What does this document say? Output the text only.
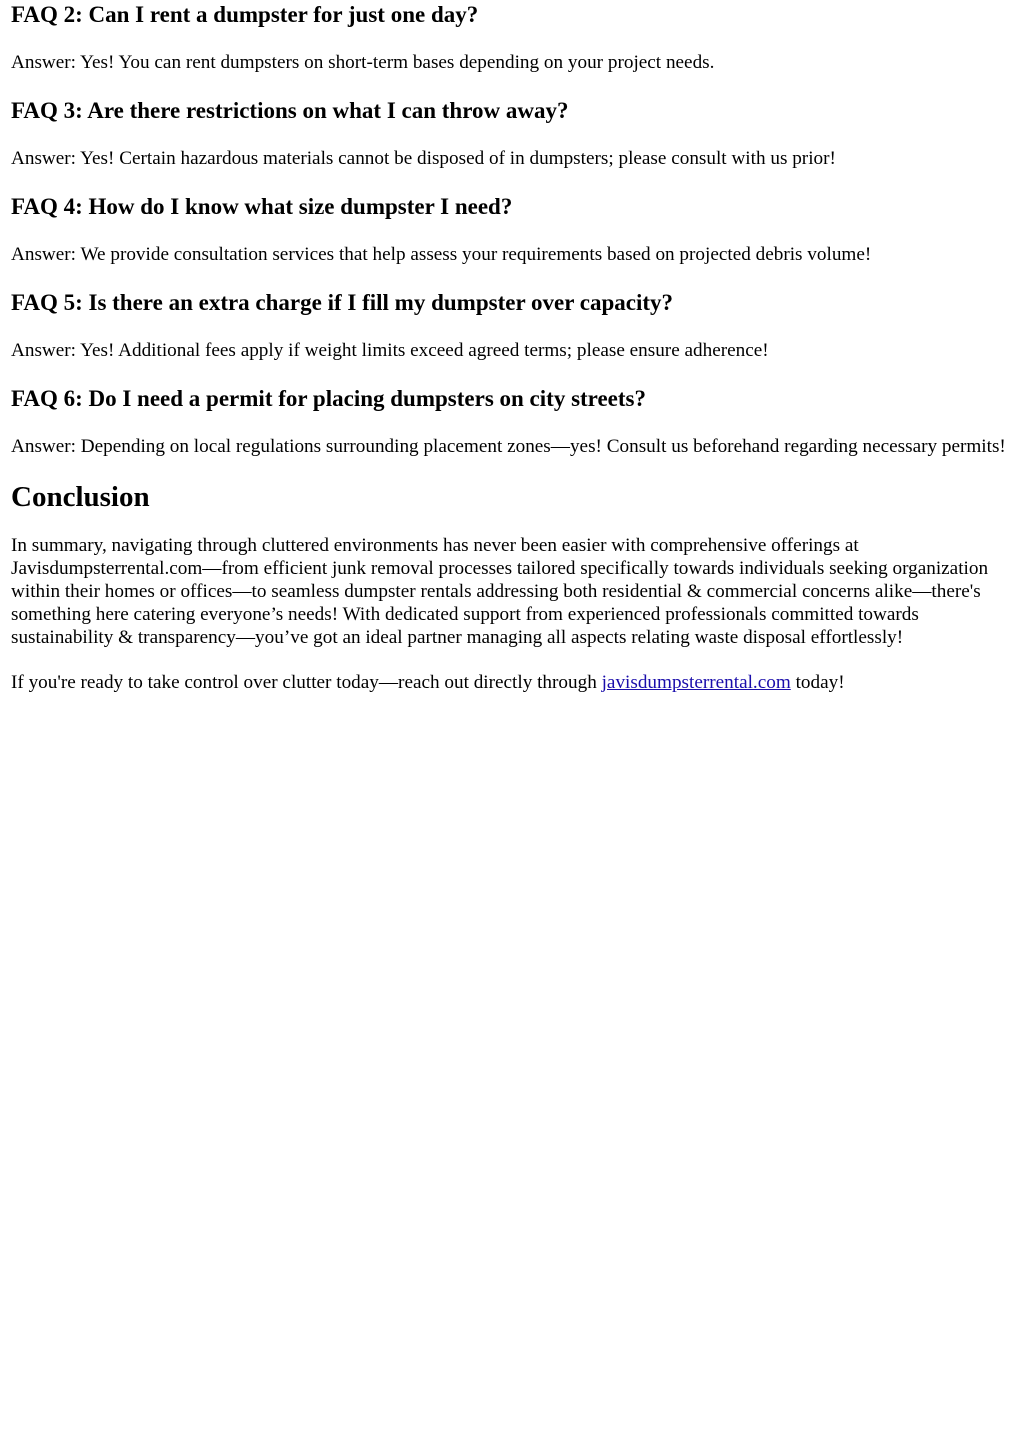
FAQ 2: Can I rent a dumpster for just one day?

Answer: Yes! You can rent dumpsters on short-term bases depending on your project needs.

FAQ 3: Are there restrictions on what I can throw away?

Answer: Yes! Certain hazardous materials cannot be disposed of in dumpsters; please consult with us prior!

FAQ 4: How do I know what size dumpster I need?

Answer: We provide consultation services that help assess your requirements based on projected debris volume!

FAQ 5: Is there an extra charge if I fill my dumpster over capacity?

Answer: Yes! Additional fees apply if weight limits exceed agreed terms; please ensure adherence!

FAQ 6: Do I need a permit for placing dumpsters on city streets?

Answer: Depending on local regulations surrounding placement zones—yes! Consult us beforehand regarding necessary permits!

Conclusion

In summary, navigating through cluttered environments has never been easier with comprehensive offerings at Javisdumpsterrental.com—from efficient junk removal processes tailored specifically towards individuals seeking organization within their homes or offices—to seamless dumpster rentals addressing both residential & commercial concerns alike—there's something here catering everyone’s needs! With dedicated support from experienced professionals committed towards sustainability & transparency—you’ve got an ideal partner managing all aspects relating waste disposal effortlessly!

If you're ready to take control over clutter today—reach out directly through javisdumpsterrental.com today!
